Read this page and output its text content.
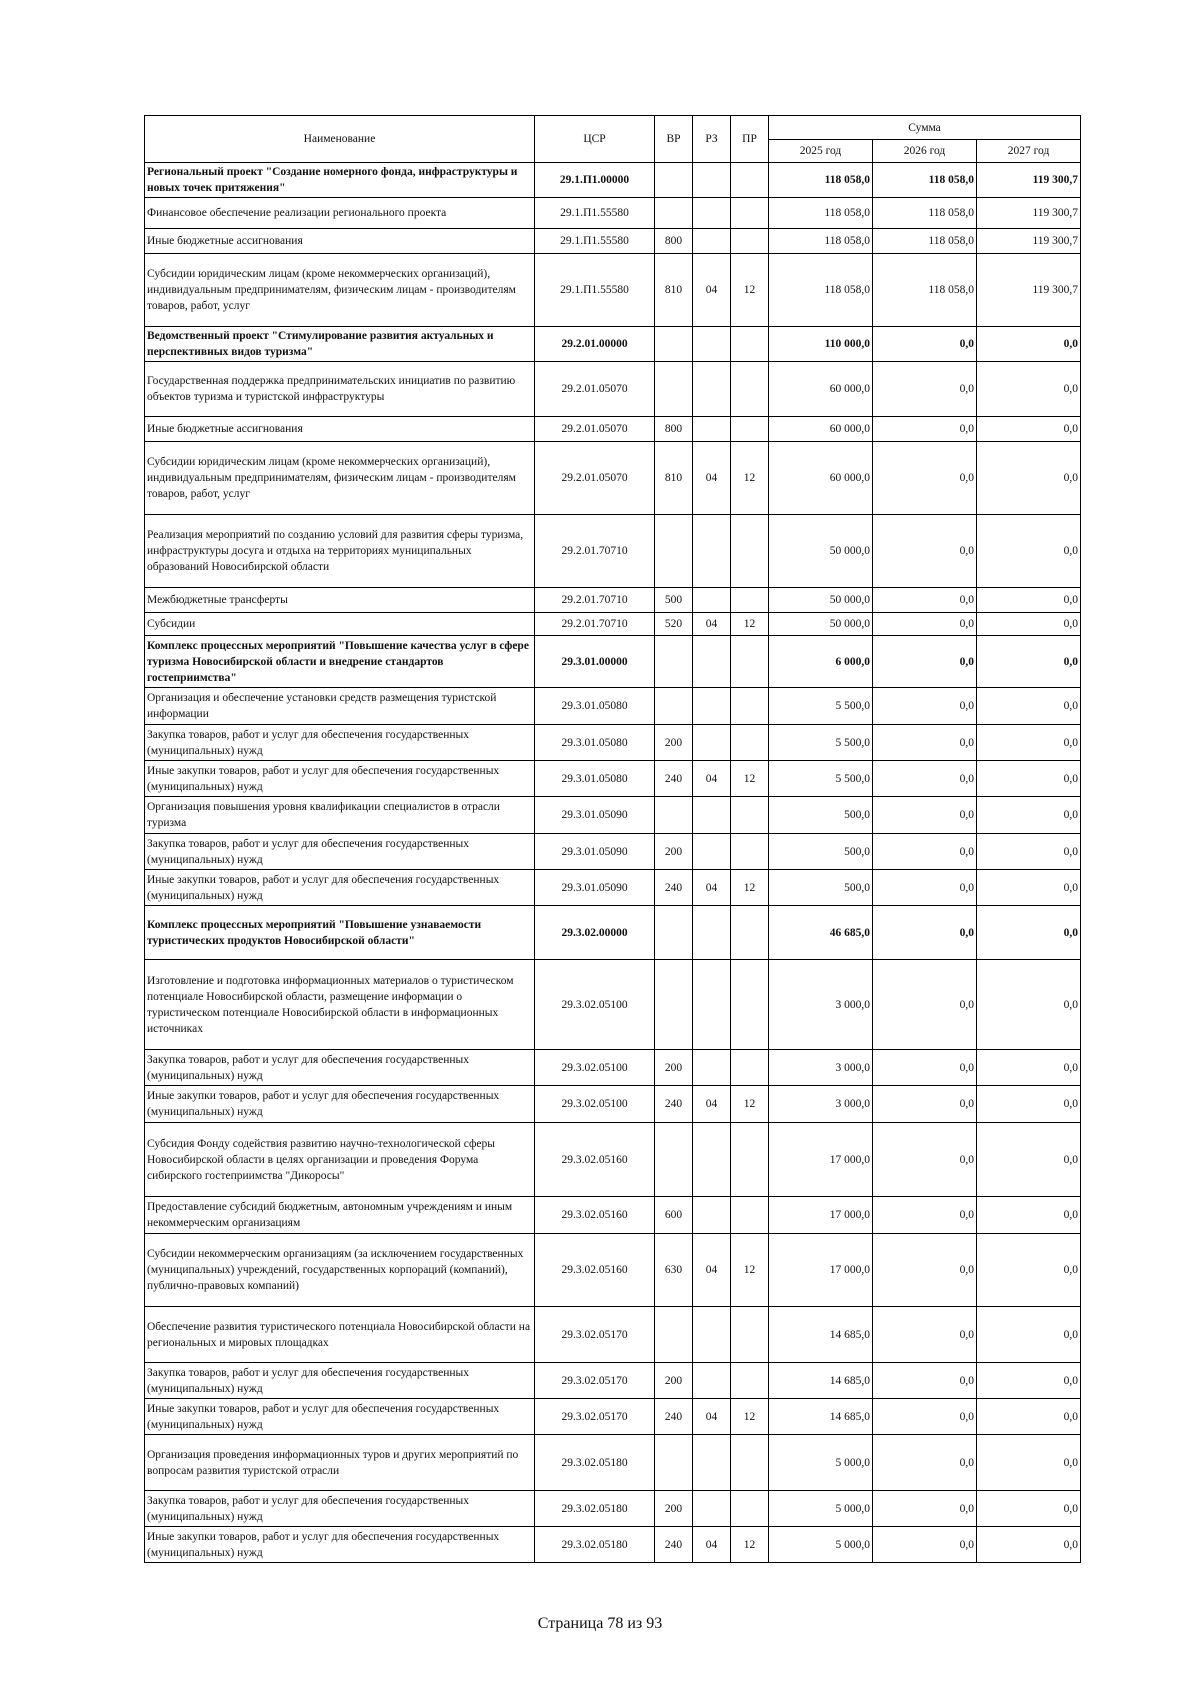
Наименование	ЦСР	ВР	РЗ	ПР	Сумма		
					2025 год	2026 год	2027 год
Региональный проект "Создание номерного фонда, инфраструктуры и новых точек притяжения"	29.1.П1.00000				118 058,0	118 058,0	119 300,7
Финансовое обеспечение реализации регионального проекта	29.1.П1.55580				118 058,0	118 058,0	119 300,7
Иные бюджетные ассигнования	29.1.П1.55580	800			118 058,0	118 058,0	119 300,7
Субсидии юридическим лицам (кроме некоммерческих организаций), индивидуальным предпринимателям, физическим лицам - производителям товаров, работ, услуг	29.1.П1.55580	810	04	12	118 058,0	118 058,0	119 300,7
Ведомственный проект "Стимулирование развития актуальных и перспективных видов туризма"	29.2.01.00000				110 000,0	0,0	0,0
Государственная поддержка предпринимательских инициатив по развитию объектов туризма и туристской инфраструктуры	29.2.01.05070				60 000,0	0,0	0,0
Иные бюджетные ассигнования	29.2.01.05070	800			60 000,0	0,0	0,0
Субсидии юридическим лицам (кроме некоммерческих организаций), индивидуальным предпринимателям, физическим лицам - производителям товаров, работ, услуг	29.2.01.05070	810	04	12	60 000,0	0,0	0,0
Реализация мероприятий по созданию условий для развития сферы туризма, инфраструктуры досуга и отдыха на территориях муниципальных образований Новосибирской области	29.2.01.70710				50 000,0	0,0	0,0
Межбюджетные трансферты	29.2.01.70710	500			50 000,0	0,0	0,0
Субсидии	29.2.01.70710	520	04	12	50 000,0	0,0	0,0
Комплекс процессных мероприятий "Повышение качества услуг в сфере туризма Новосибирской области и внедрение стандартов гостеприимства"	29.3.01.00000				6 000,0	0,0	0,0
Организация и обеспечение установки средств размещения туристской информации	29.3.01.05080				5 500,0	0,0	0,0
Закупка товаров, работ и услуг для обеспечения государственных (муниципальных) нужд	29.3.01.05080	200			5 500,0	0,0	0,0
Иные закупки товаров, работ и услуг для обеспечения государственных (муниципальных) нужд	29.3.01.05080	240	04	12	5 500,0	0,0	0,0
Организация повышения уровня квалификации специалистов в отрасли туризма	29.3.01.05090				500,0	0,0	0,0
Закупка товаров, работ и услуг для обеспечения государственных (муниципальных) нужд	29.3.01.05090	200			500,0	0,0	0,0
Иные закупки товаров, работ и услуг для обеспечения государственных (муниципальных) нужд	29.3.01.05090	240	04	12	500,0	0,0	0,0
Комплекс процессных мероприятий "Повышение узнаваемости туристических продуктов Новосибирской области"	29.3.02.00000				46 685,0	0,0	0,0
Изготовление и подготовка информационных материалов о туристическом потенциале Новосибирской области, размещение информации о туристическом потенциале Новосибирской области в информационных источниках	29.3.02.05100				3 000,0	0,0	0,0
Закупка товаров, работ и услуг для обеспечения государственных (муниципальных) нужд	29.3.02.05100	200			3 000,0	0,0	0,0
Иные закупки товаров, работ и услуг для обеспечения государственных (муниципальных) нужд	29.3.02.05100	240	04	12	3 000,0	0,0	0,0
Субсидия Фонду содействия развитию научно-технологической сферы Новосибирской области в целях организации и проведения Форума сибирского гостеприимства "Дикоросы"	29.3.02.05160				17 000,0	0,0	0,0
Предоставление субсидий бюджетным, автономным учреждениям и иным некоммерческим организациям	29.3.02.05160	600			17 000,0	0,0	0,0
Субсидии некоммерческим организациям (за исключением государственных (муниципальных) учреждений, государственных корпораций (компаний), публично-правовых компаний)	29.3.02.05160	630	04	12	17 000,0	0,0	0,0
Обеспечение развития туристического потенциала Новосибирской области на региональных и мировых площадках	29.3.02.05170				14 685,0	0,0	0,0
Закупка товаров, работ и услуг для обеспечения государственных (муниципальных) нужд	29.3.02.05170	200			14 685,0	0,0	0,0
Иные закупки товаров, работ и услуг для обеспечения государственных (муниципальных) нужд	29.3.02.05170	240	04	12	14 685,0	0,0	0,0
Организация проведения информационных туров и других мероприятий по вопросам развития туристской отрасли	29.3.02.05180				5 000,0	0,0	0,0
Закупка товаров, работ и услуг для обеспечения государственных (муниципальных) нужд	29.3.02.05180	200			5 000,0	0,0	0,0
Иные закупки товаров, работ и услуг для обеспечения государственных (муниципальных) нужд	29.3.02.05180	240	04	12	5 000,0	0,0	0,0
Страница 78 из 93
